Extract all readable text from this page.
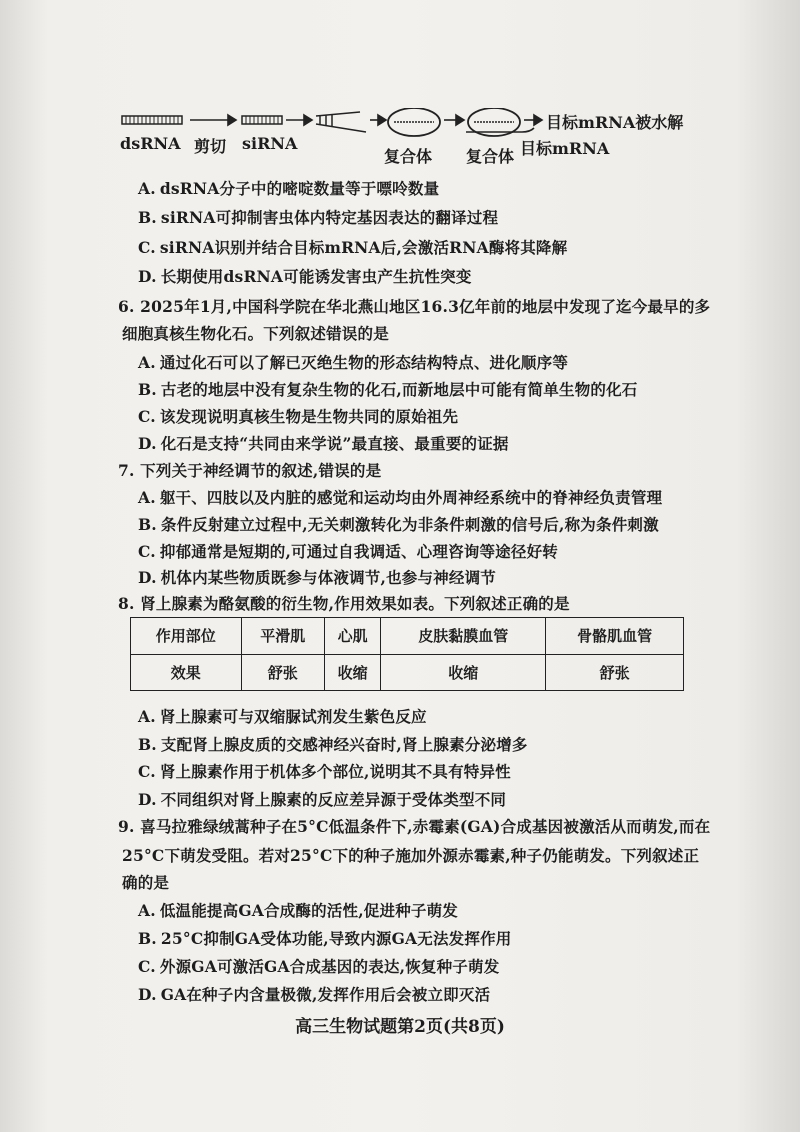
dsRNA 剪切 siRNA
复合体 复合体 目标mRNA
目标mRNA被水解
A. dsRNA分子中的嘧啶数量等于嘌呤数量
B. siRNA可抑制害虫体内特定基因表达的翻译过程
C. siRNA识别并结合目标mRNA后,会激活RNA酶将其降解
D. 长期使用dsRNA可能诱发害虫产生抗性突变
6. 2025年1月,中国科学院在华北燕山地区16.3亿年前的地层中发现了迄今最早的多
细胞真核生物化石。下列叙述错误的是
A. 通过化石可以了解已灭绝生物的形态结构特点、进化顺序等
B. 古老的地层中没有复杂生物的化石,而新地层中可能有简单生物的化石
C. 该发现说明真核生物是生物共同的原始祖先
D. 化石是支持“共同由来学说”最直接、最重要的证据
7. 下列关于神经调节的叙述,错误的是
A. 躯干、四肢以及内脏的感觉和运动均由外周神经系统中的脊神经负责管理
B. 条件反射建立过程中,无关刺激转化为非条件刺激的信号后,称为条件刺激
C. 抑郁通常是短期的,可通过自我调适、心理咨询等途径好转
D. 机体内某些物质既参与体液调节,也参与神经调节
8. 肾上腺素为酪氨酸的衍生物,作用效果如表。下列叙述正确的是
作用部位	平滑肌	心肌	皮肤黏膜血管	骨骼肌血管
效果	舒张	收缩	收缩	舒张
A. 肾上腺素可与双缩脲试剂发生紫色反应
B. 支配肾上腺皮质的交感神经兴奋时,肾上腺素分泌增多
C. 肾上腺素作用于机体多个部位,说明其不具有特异性
D. 不同组织对肾上腺素的反应差异源于受体类型不同
9. 喜马拉雅绿绒蒿种子在5°C低温条件下,赤霉素(GA)合成基因被激活从而萌发,而在
25°C下萌发受阻。若对25°C下的种子施加外源赤霉素,种子仍能萌发。下列叙述正
确的是
A. 低温能提高GA合成酶的活性,促进种子萌发
B. 25°C抑制GA受体功能,导致内源GA无法发挥作用
C. 外源GA可激活GA合成基因的表达,恢复种子萌发
D. GA在种子内含量极微,发挥作用后会被立即灭活
高三生物试题第2页(共8页)
